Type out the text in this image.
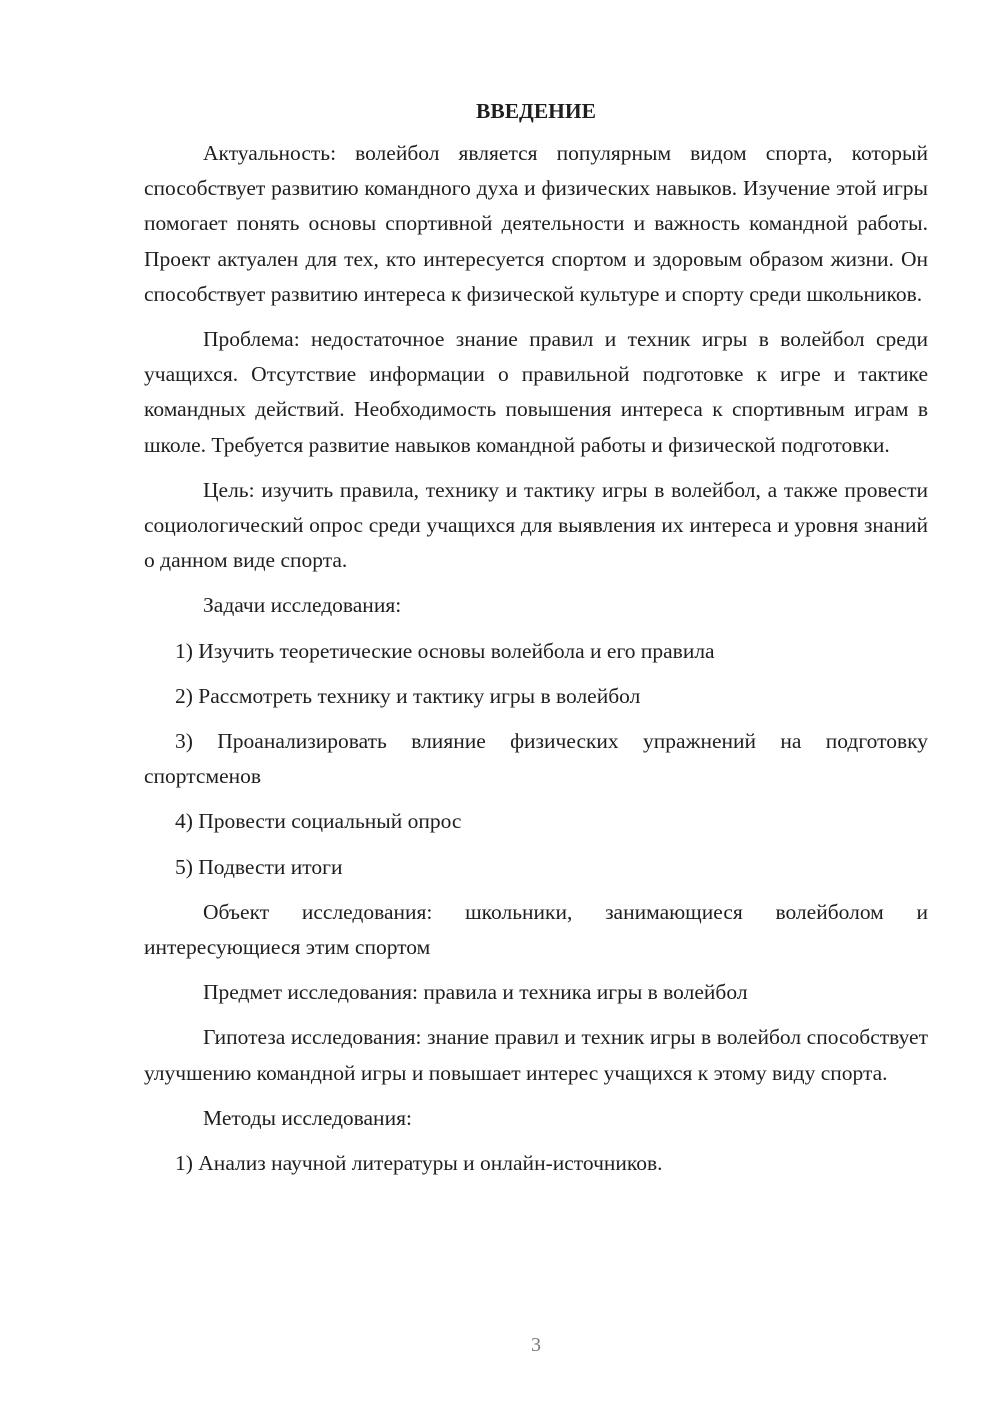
ВВЕДЕНИЕ

Актуальность: волейбол является популярным видом спорта, который способствует развитию командного духа и физических навыков. Изучение этой игры помогает понять основы спортивной деятельности и важность командной работы. Проект актуален для тех, кто интересуется спортом и здоровым образом жизни. Он способствует развитию интереса к физической культуре и спорту среди школьников.

Проблема: недостаточное знание правил и техник игры в волейбол среди учащихся. Отсутствие информации о правильной подготовке к игре и тактике командных действий. Необходимость повышения интереса к спортивным играм в школе. Требуется развитие навыков командной работы и физической подготовки.

Цель: изучить правила, технику и тактику игры в волейбол, а также провести социологический опрос среди учащихся для выявления их интереса и уровня знаний о данном виде спорта.

Задачи исследования:

1) Изучить теоретические основы волейбола и его правила

2) Рассмотреть технику и тактику игры в волейбол

3) Проанализировать влияние физических упражнений на подготовку спортсменов

4) Провести социальный опрос

5) Подвести итоги

Объект исследования: школьники, занимающиеся волейболом и интересующиеся этим спортом

Предмет исследования: правила и техника игры в волейбол

Гипотеза исследования: знание правил и техник игры в волейбол способствует улучшению командной игры и повышает интерес учащихся к этому виду спорта.

Методы исследования:

1) Анализ научной литературы и онлайн-источников.

3
